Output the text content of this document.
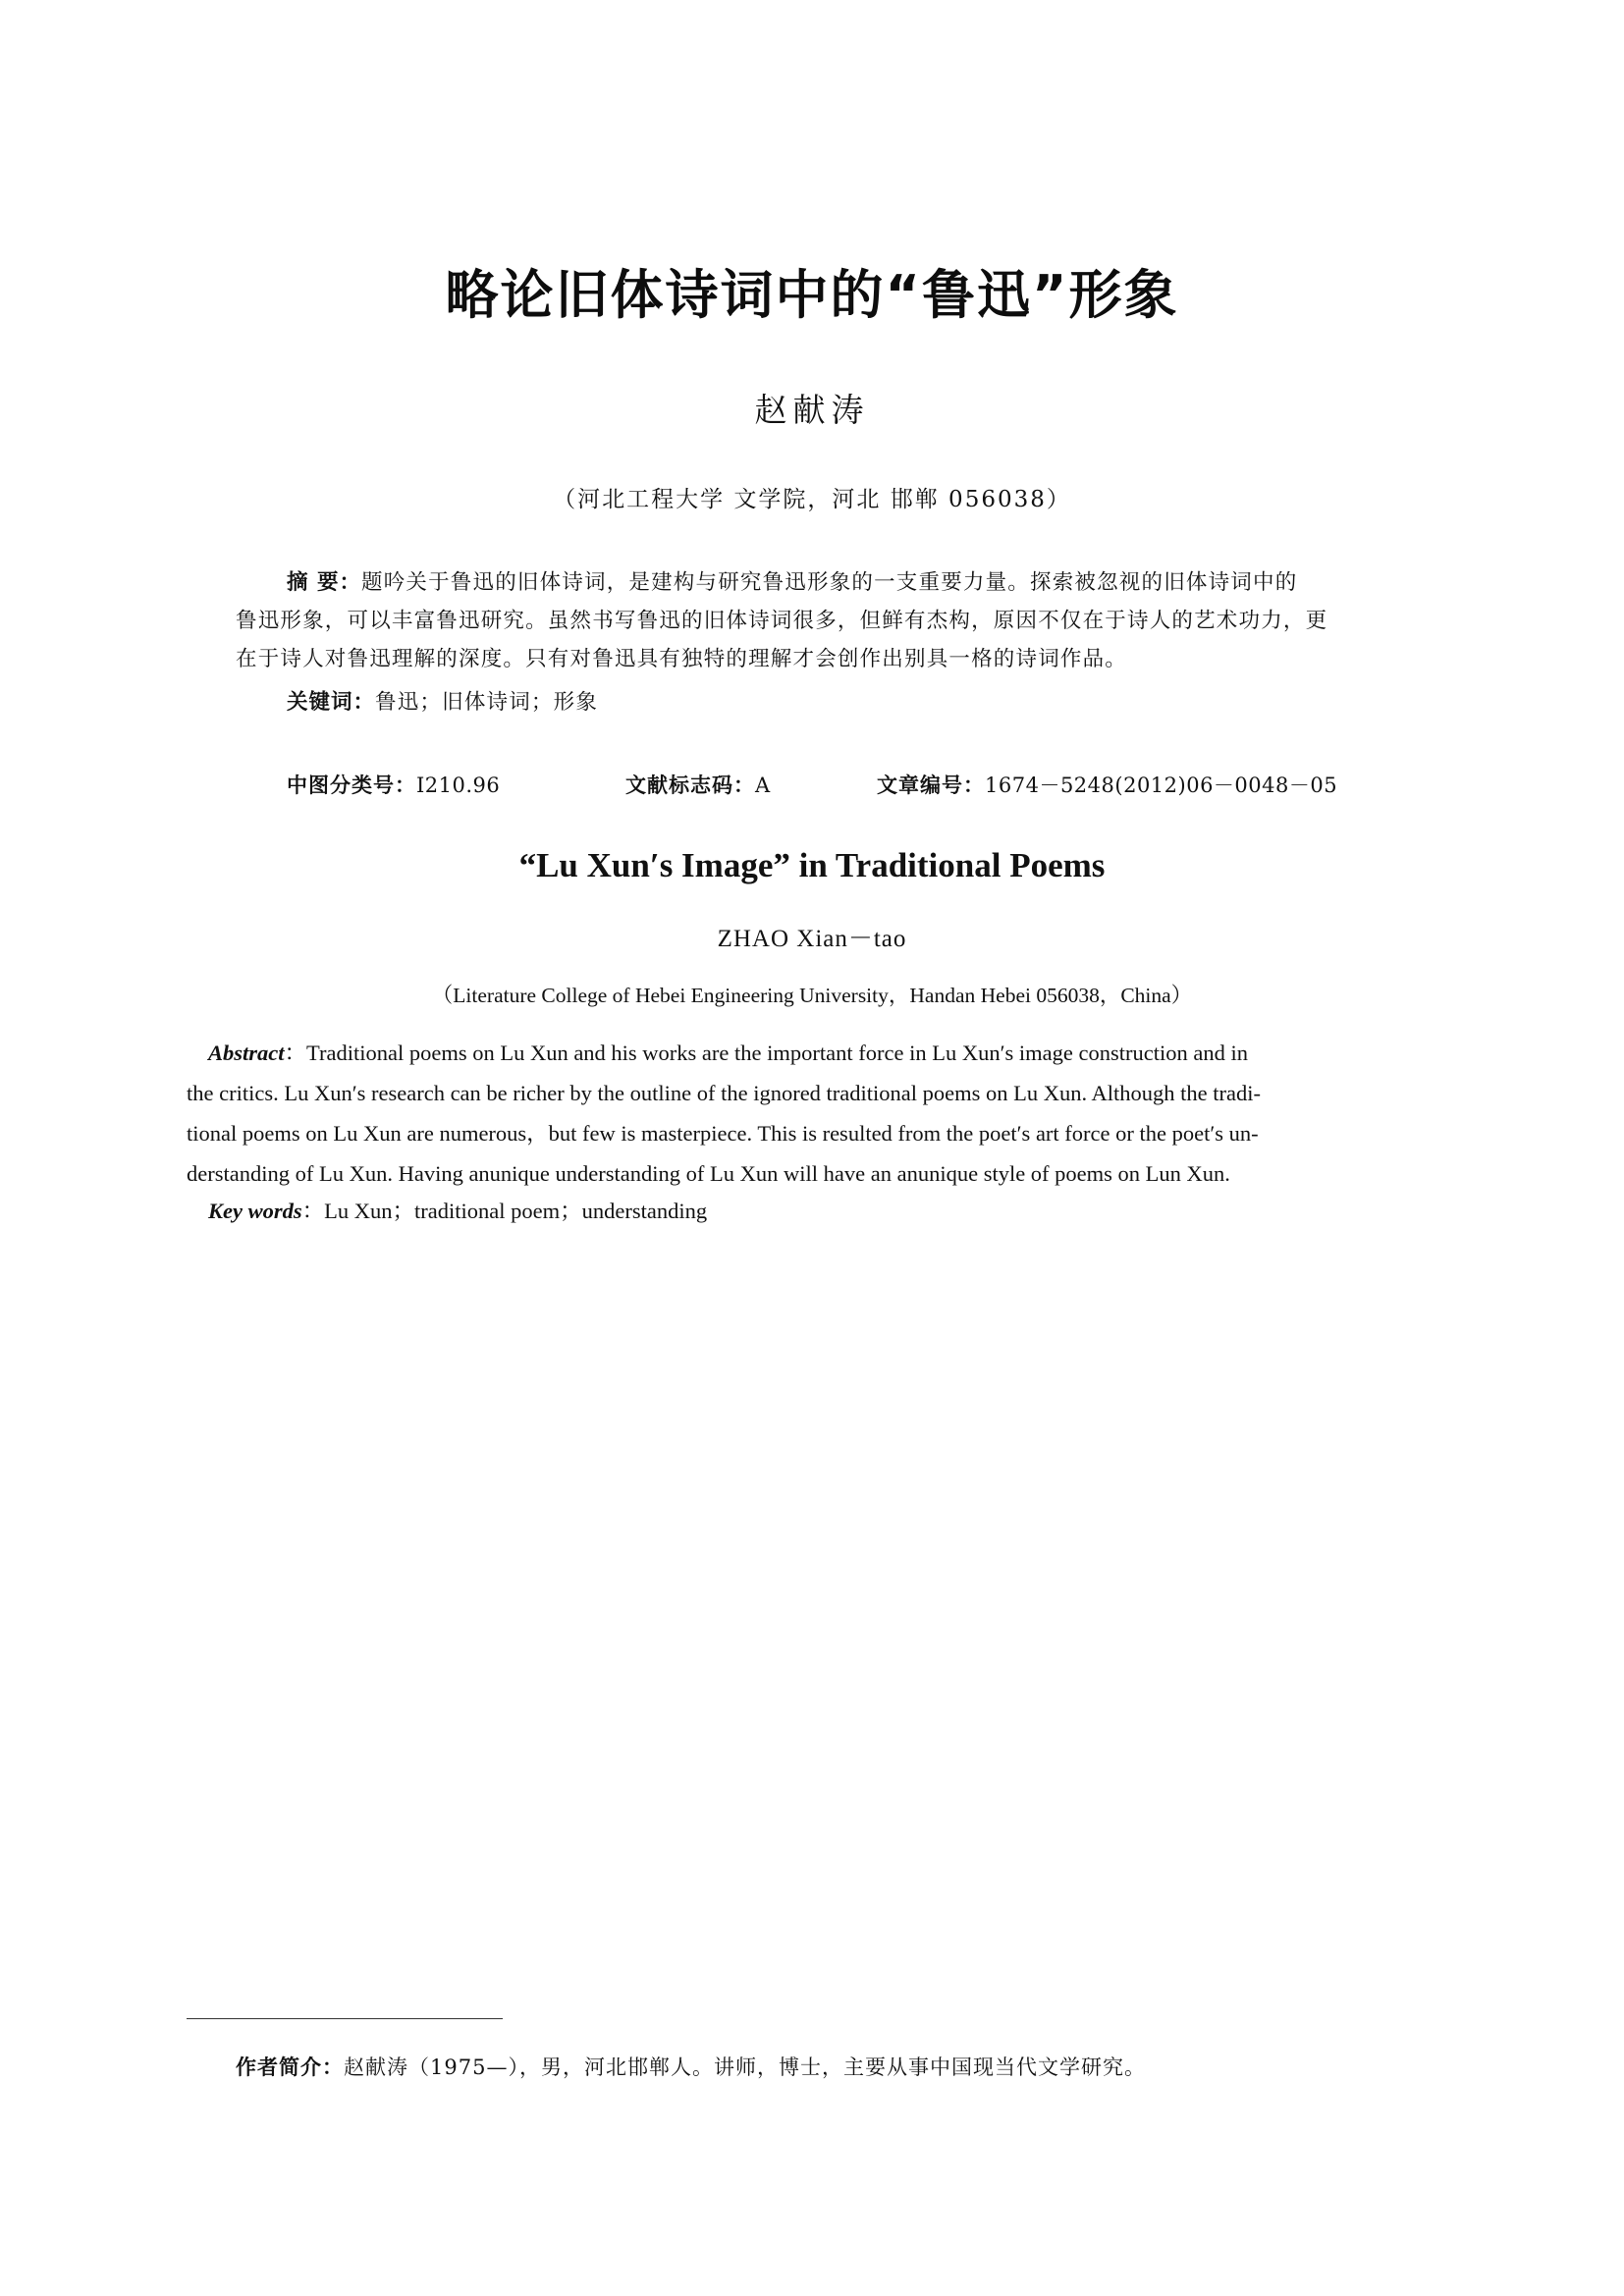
略论旧体诗词中的“鲁迅”形象
赵献涛
（河北工程大学 文学院，河北 邯郸 056038）
摘 要：题吟关于鲁迅的旧体诗词，是建构与研究鲁迅形象的一支重要力量。探索被忽视的旧体诗词中的
鲁迅形象，可以丰富鲁迅研究。虽然书写鲁迅的旧体诗词很多，但鲜有杰构，原因不仅在于诗人的艺术功力，更
在于诗人对鲁迅理解的深度。只有对鲁迅具有独特的理解才会创作出别具一格的诗词作品。
关键词：鲁迅；旧体诗词；形象
中图分类号：I210.96	文献标志码：A	文章编号：1674－5248(2012)06－0048－05
“Lu Xun′s Image” in Traditional Poems
ZHAO Xian－tao
（Literature College of Hebei Engineering University，Handan Hebei 056038，China）
Abstract：Traditional poems on Lu Xun and his works are the important force in Lu Xun′s image construction and in
the critics. Lu Xun′s research can be richer by the outline of the ignored traditional poems on Lu Xun. Although the tradi-
tional poems on Lu Xun are numerous，but few is masterpiece. This is resulted from the poet′s art force or the poet′s un-
derstanding of Lu Xun. Having anunique understanding of Lu Xun will have an anunique style of poems on Lun Xun.
Key words：Lu Xun；traditional poem；understanding
作者简介：赵献涛（1975—），男，河北邯郸人。讲师，博士，主要从事中国现当代文学研究。
